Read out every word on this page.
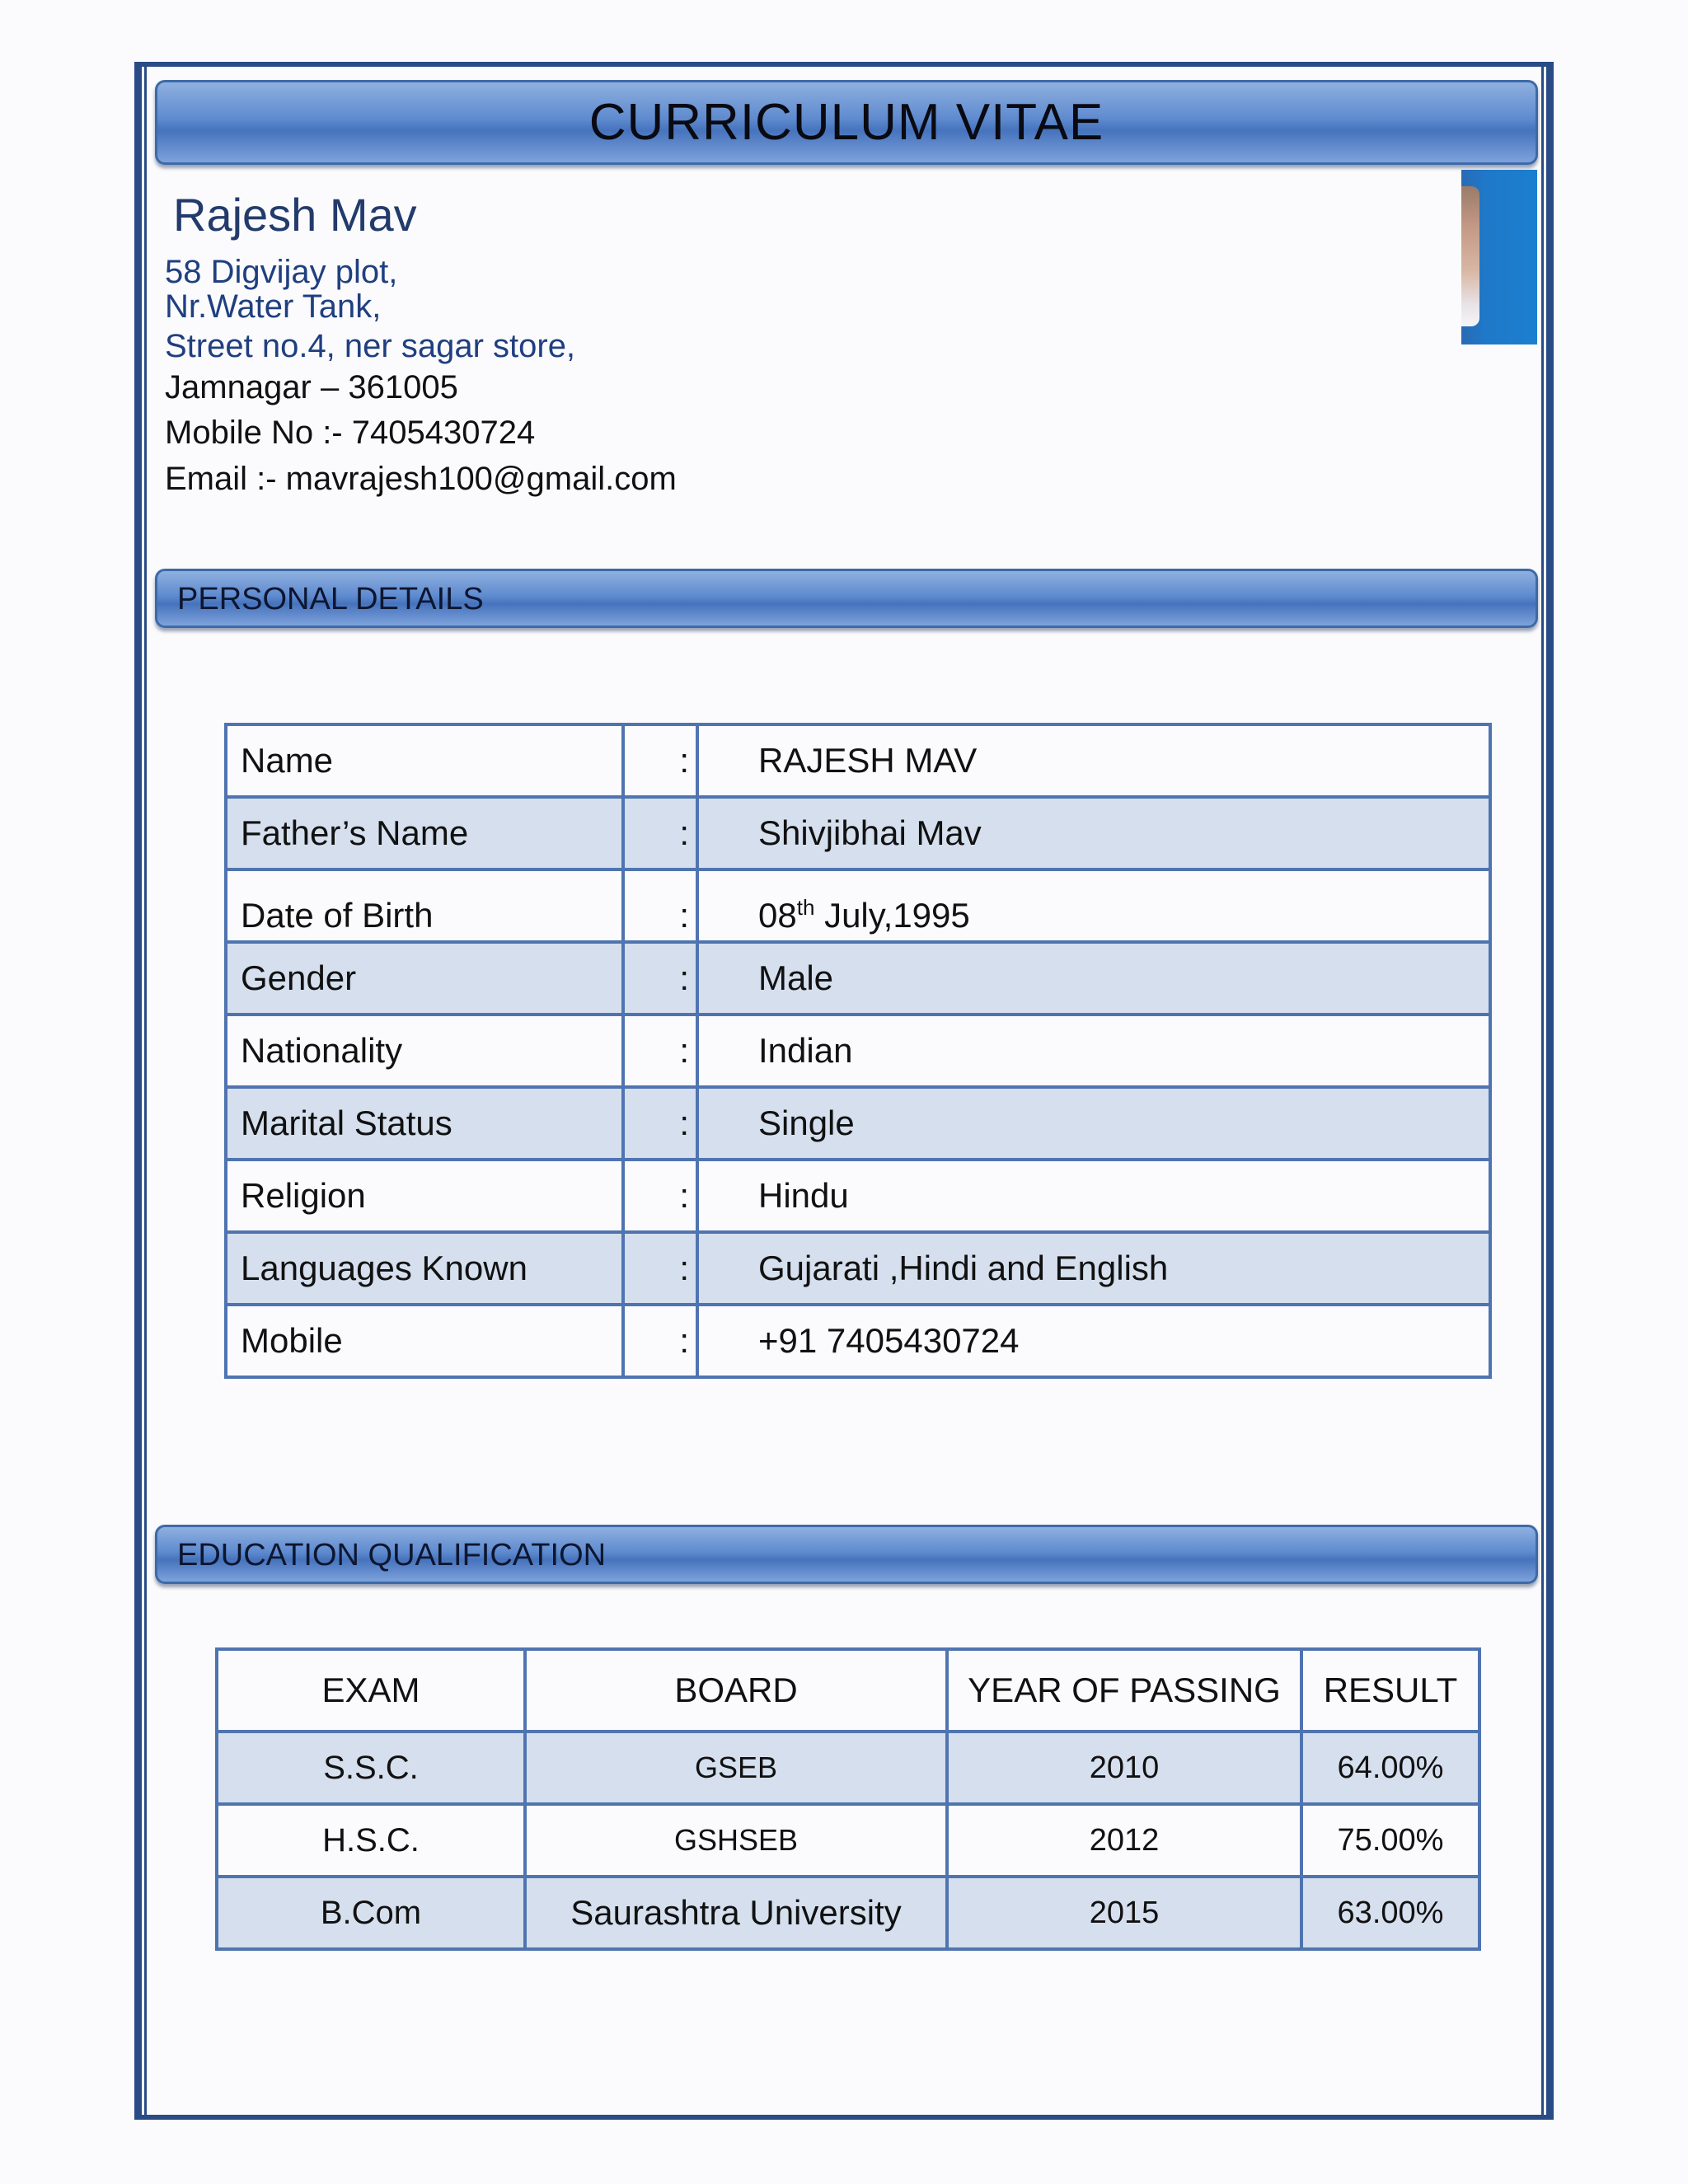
CURRICULUM VITAE
Rajesh Mav
58 Digvijay plot,
Nr.Water Tank,
Street no.4, ner sagar store,
Jamnagar – 361005
Mobile No :- 7405430724
Email :- mavrajesh100@gmail.com
PERSONAL DETAILS
Name	:	RAJESH MAV
Father’s Name	:	Shivjibhai Mav
Date of Birth	:	08th July,1995
Gender	:	Male
Nationality	:	Indian
Marital Status	:	Single
Religion	:	Hindu
Languages Known	:	Gujarati ,Hindi and English
Mobile	:	+91 7405430724
EDUCATION QUALIFICATION
EXAM	BOARD	YEAR OF PASSING	RESULT
S.S.C.	GSEB	2010	64.00%
H.S.C.	GSHSEB	2012	75.00%
B.Com	Saurashtra University	2015	63.00%
